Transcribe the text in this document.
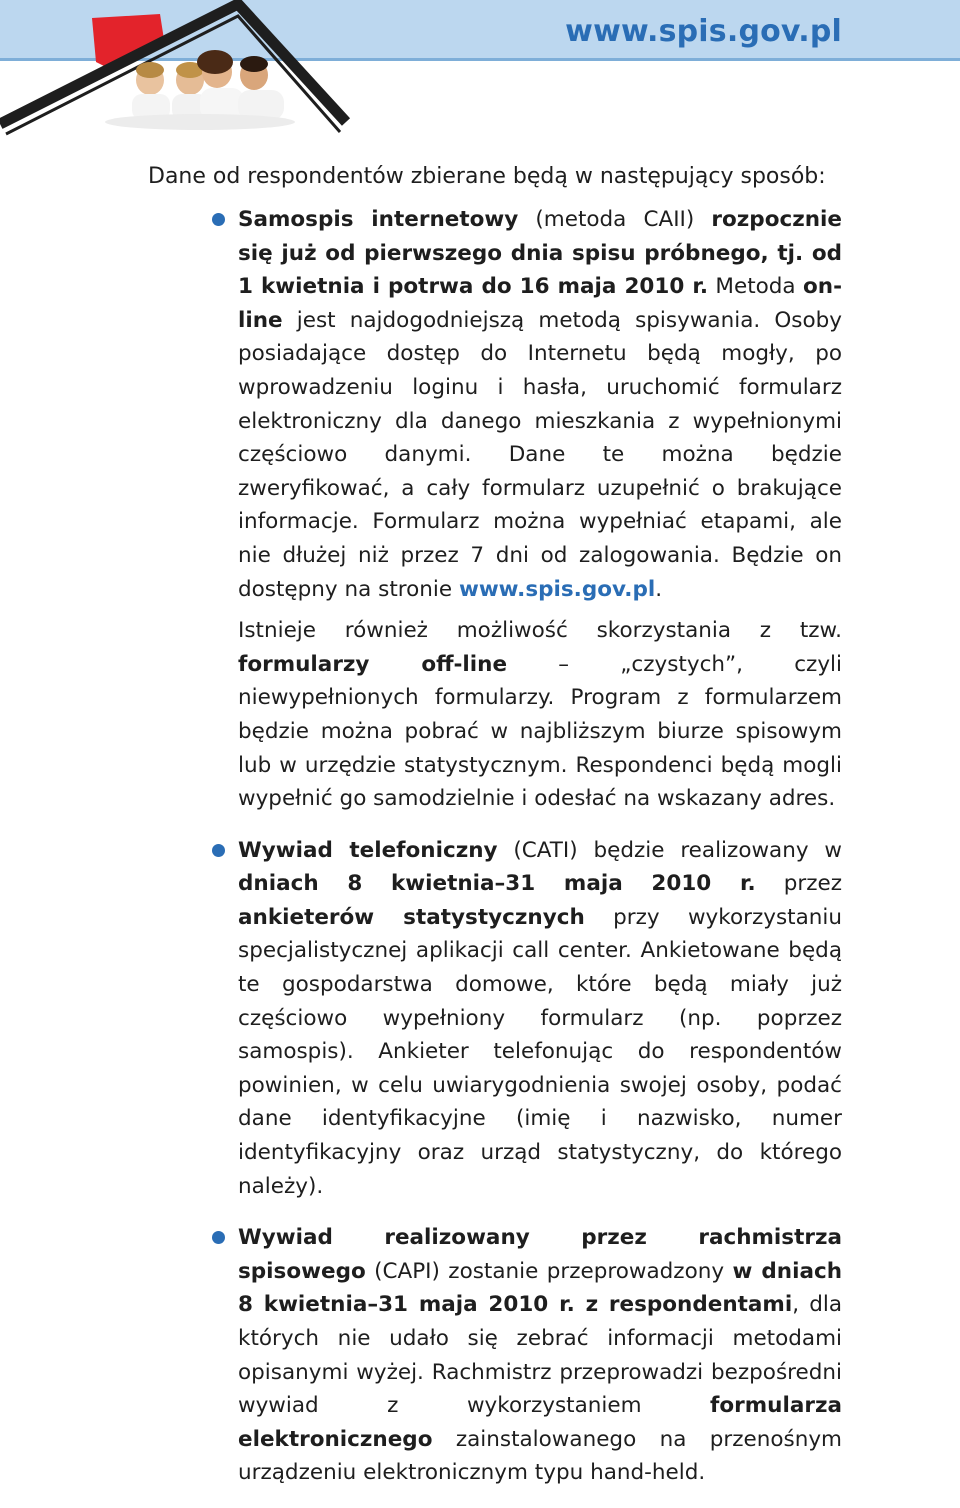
www.spis.gov.pl

Dane od respondentów zbierane będą w następujący sposób:

Samospis internetowy (metoda CAII) rozpocznie się już od pierwszego dnia spisu próbnego, tj. od 1 kwietnia i potrwa do 16 maja 2010 r. Metoda on-line jest najdogodniejszą metodą spisywania. Osoby posiadające dostęp do Internetu będą mogły, po wprowadzeniu loginu i hasła, uruchomić formularz elektroniczny dla danego mieszkania z wypełnionymi częściowo danymi. Dane te można będzie zweryfikować, a cały formularz uzupełnić o brakujące informacje. Formularz można wypełniać etapami, ale nie dłużej niż przez 7 dni od zalogowania. Będzie on dostępny na stronie www.spis.gov.pl.

Istnieje również możliwość skorzystania z tzw. formularzy off-line – „czystych”, czyli niewypełnionych formularzy. Program z formularzem będzie można pobrać w najbliższym biurze spisowym lub w urzędzie statystycznym. Respondenci będą mogli wypełnić go samodzielnie i odesłać na wskazany adres.

Wywiad telefoniczny (CATI) będzie realizowany w dniach 8 kwietnia–31 maja 2010 r. przez ankieterów statystycznych przy wykorzystaniu specjalistycznej aplikacji call center. Ankietowane będą te gospodarstwa domowe, które będą miały już częściowo wypełniony formularz (np. poprzez samospis). Ankieter telefonując do respondentów powinien, w celu uwiarygodnienia swojej osoby, podać dane identyfikacyjne (imię i nazwisko, numer identyfikacyjny oraz urząd statystyczny, do którego należy).

Wywiad realizowany przez rachmistrza spisowego (CAPI) zostanie przeprowadzony w dniach 8 kwietnia–31 maja 2010 r. z respondentami, dla których nie udało się zebrać informacji metodami opisanymi wyżej. Rachmistrz przeprowadzi bezpośredni wywiad z wykorzystaniem formularza elektronicznego zainstalowanego na przenośnym urządzeniu elektronicznym typu hand-held.
